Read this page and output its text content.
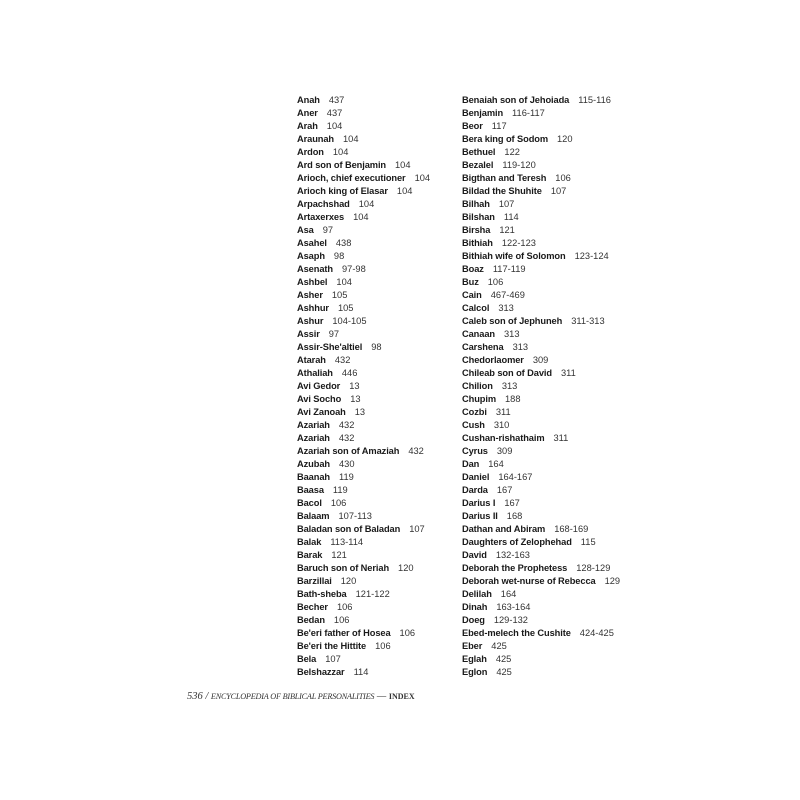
Anah 437
Aner 437
Arah 104
Araunah 104
Ardon 104
Ard son of Benjamin 104
Arioch, chief executioner 104
Arioch king of Elasar 104
Arpachshad 104
Artaxerxes 104
Asa 97
Asahel 438
Asaph 98
Asenath 97-98
Ashbel 104
Asher 105
Ashhur 105
Ashur 104-105
Assir 97
Assir-She'altiel 98
Atarah 432
Athaliah 446
Avi Gedor 13
Avi Socho 13
Avi Zanoah 13
Azariah 432
Azariah 432
Azariah son of Amaziah 432
Azubah 430
Baanah 119
Baasa 119
Bacol 106
Balaam 107-113
Baladan son of Baladan 107
Balak 113-114
Barak 121
Baruch son of Neriah 120
Barzillai 120
Bath-sheba 121-122
Becher 106
Bedan 106
Be'eri father of Hosea 106
Be'eri the Hittite 106
Bela 107
Belshazzar 114
Benaiah son of Jehoiada 115-116
Benjamin 116-117
Beor 117
Bera king of Sodom 120
Bethuel 122
Bezalel 119-120
Bigthan and Teresh 106
Bildad the Shuhite 107
Bilhah 107
Bilshan 114
Birsha 121
Bithiah 122-123
Bithiah wife of Solomon 123-124
Boaz 117-119
Buz 106
Cain 467-469
Calcol 313
Caleb son of Jephuneh 311-313
Canaan 313
Carshena 313
Chedorlaomer 309
Chileab son of David 311
Chilion 313
Chupim 188
Cozbi 311
Cush 310
Cushan-rishathaim 311
Cyrus 309
Dan 164
Daniel 164-167
Darda 167
Darius I 167
Darius II 168
Dathan and Abiram 168-169
Daughters of Zelophehad 115
David 132-163
Deborah the Prophetess 128-129
Deborah wet-nurse of Rebecca 129
Delilah 164
Dinah 163-164
Doeg 129-132
Ebed-melech the Cushite 424-425
Eber 425
Eglah 425
Eglon 425
536 / ENCYCLOPEDIA OF BIBLICAL PERSONALITIES — INDEX
